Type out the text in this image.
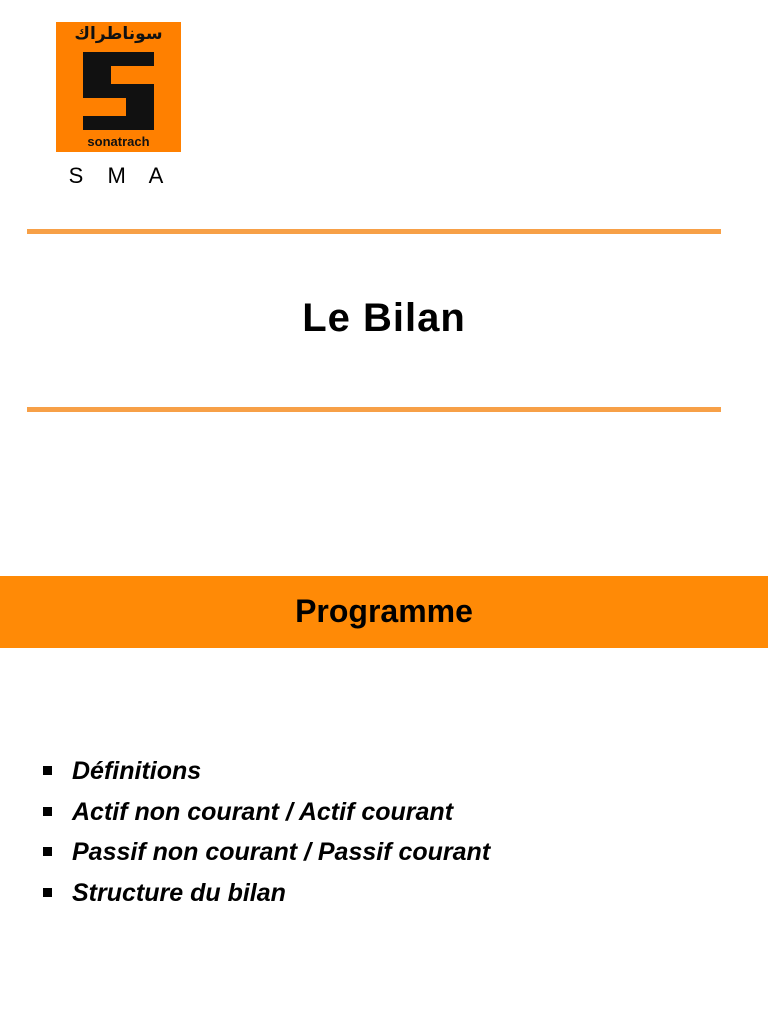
سوناطراك
sonatrach
S M A
Le Bilan
Programme
Définitions
Actif non courant / Actif courant
Passif non courant / Passif courant
Structure du bilan
